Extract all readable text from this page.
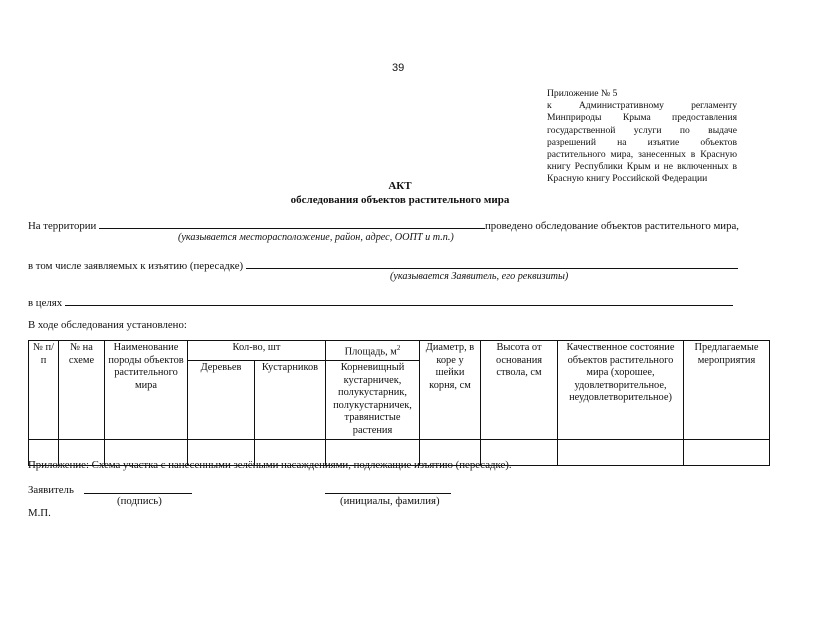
39
Приложение № 5
к Административному регламенту Минприроды Крыма предоставления государственной услуги по выдаче разрешений на изъятие объектов растительного мира, занесенных в Красную книгу Республики Крым и не включенных в Красную книгу Российской Федерации
АКТ
обследования объектов растительного мира
На территории	проведено обследование объектов растительного мира,
(указывается месторасположение, район, адрес, ООПТ и т.п.)
в том числе заявляемых к изъятию (пересадке)
(указывается Заявитель, его реквизиты)
в целях
В ходе обследования установлено:
№ п/п	№ на схеме	Наименование породы объектов растительного мира	Кол-во, шт		Площадь, $м^2$	Диаметр, в коре у шейки корня, см	Высота от основания ствола, см	Качественное состояние объектов растительного мира (хорошее, удовлетворительное, неудовлетворительное)	Предлагаемые мероприятия
			Деревьев	Кустарников	Корневищный кустарничек, полукустарник, полукустарничек, травянистые растения				

Приложение: Схема участка с нанесенными зелёными насаждениями, подлежащие изъятию (пересадке).
Заявитель
(подпись)	(инициалы, фамилия)
М.П.
